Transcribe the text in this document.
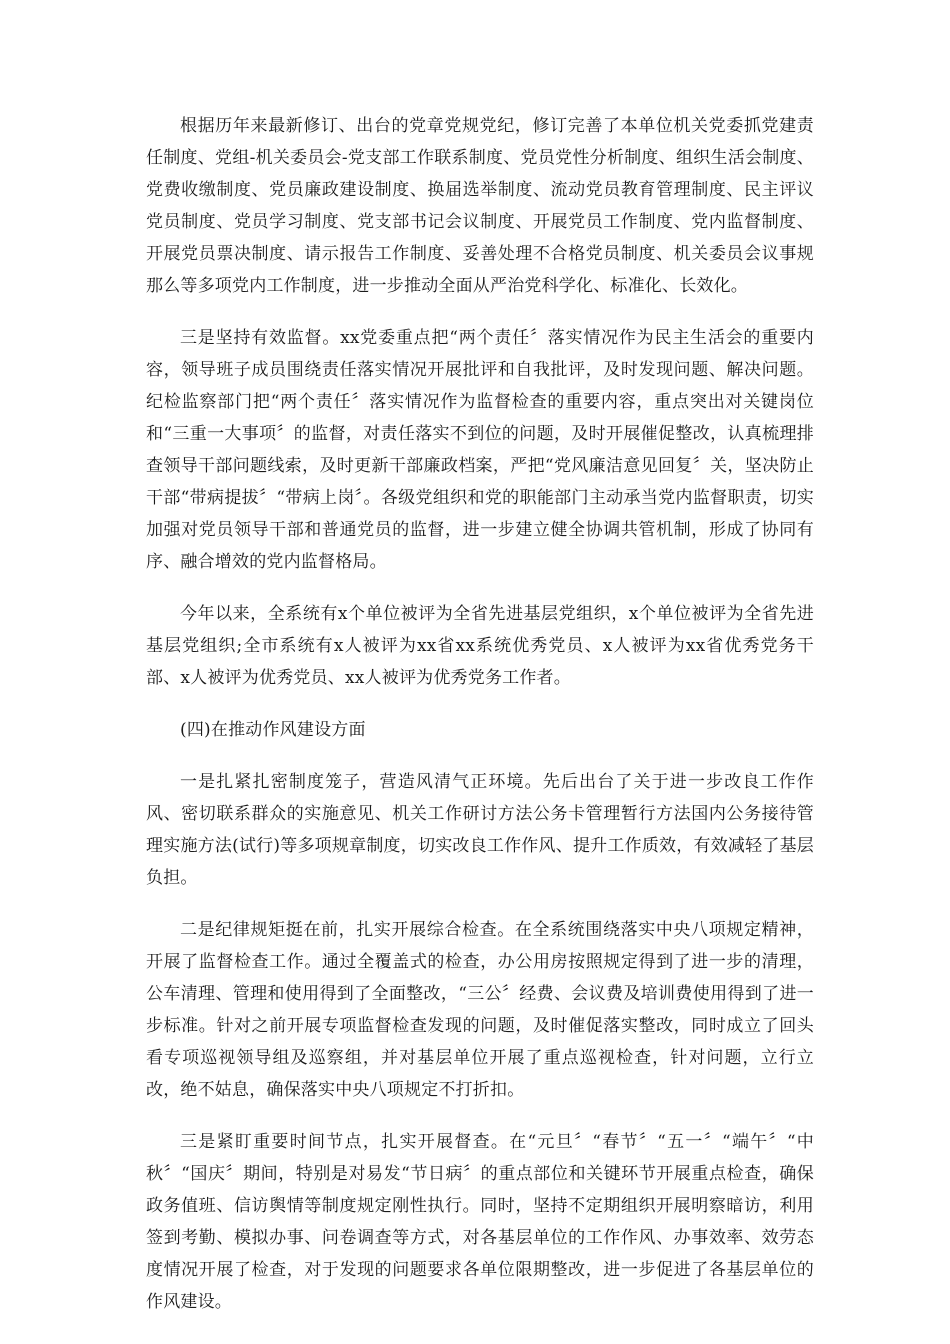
根据历年来最新修订、出台的党章党规党纪，修订完善了本单位机关党委抓党建责任制度、党组-机关委员会-党支部工作联系制度、党员党性分析制度、组织生活会制度、党费收缴制度、党员廉政建设制度、换届选举制度、流动党员教育管理制度、民主评议党员制度、党员学习制度、党支部书记会议制度、开展党员工作制度、党内监督制度、开展党员票决制度、请示报告工作制度、妥善处理不合格党员制度、机关委员会议事规那么等多项党内工作制度，进一步推动全面从严治党科学化、标准化、长效化。

三是坚持有效监督。xx党委重点把“两个责任〞落实情况作为民主生活会的重要内容，领导班子成员围绕责任落实情况开展批评和自我批评，及时发现问题、解决问题。纪检监察部门把“两个责任〞落实情况作为监督检查的重要内容，重点突出对关键岗位和“三重一大事项〞的监督，对责任落实不到位的问题，及时开展催促整改，认真梳理排查领导干部问题线索，及时更新干部廉政档案，严把“党风廉洁意见回复〞关，坚决防止干部“带病提拔〞“带病上岗〞。各级党组织和党的职能部门主动承当党内监督职责，切实加强对党员领导干部和普通党员的监督，进一步建立健全协调共管机制，形成了协同有序、融合增效的党内监督格局。

今年以来，全系统有x个单位被评为全省先进基层党组织，x个单位被评为全省先进基层党组织;全市系统有x人被评为xx省xx系统优秀党员、x人被评为xx省优秀党务干部、x人被评为优秀党员、xx人被评为优秀党务工作者。

(四)在推动作风建设方面

一是扎紧扎密制度笼子，营造风清气正环境。先后出台了关于进一步改良工作作风、密切联系群众的实施意见、机关工作研讨方法公务卡管理暂行方法国内公务接待管理实施方法(试行)等多项规章制度，切实改良工作作风、提升工作质效，有效减轻了基层负担。

二是纪律规矩挺在前，扎实开展综合检查。在全系统围绕落实中央八项规定精神，开展了监督检查工作。通过全覆盖式的检查，办公用房按照规定得到了进一步的清理，公车清理、管理和使用得到了全面整改，“三公〞经费、会议费及培训费使用得到了进一步标准。针对之前开展专项监督检查发现的问题，及时催促落实整改，同时成立了回头看专项巡视领导组及巡察组，并对基层单位开展了重点巡视检查，针对问题，立行立改，绝不姑息，确保落实中央八项规定不打折扣。

三是紧盯重要时间节点，扎实开展督查。在“元旦〞“春节〞“五一〞“端午〞“中秋〞“国庆〞期间，特别是对易发“节日病〞的重点部位和关键环节开展重点检查，确保政务值班、信访舆情等制度规定刚性执行。同时，坚持不定期组织开展明察暗访，利用签到考勤、模拟办事、问卷调查等方式，对各基层单位的工作作风、办事效率、效劳态度情况开展了检查，对于发现的问题要求各单位限期整改，进一步促进了各基层单位的作风建设。
